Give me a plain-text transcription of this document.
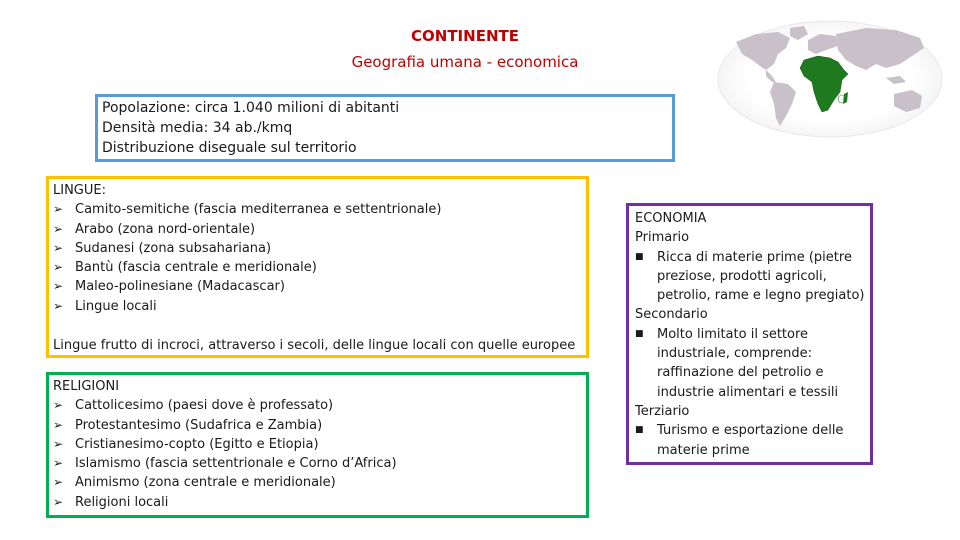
CONTINENTE
Geografia umana - economica
Popolazione: circa 1.040 milioni di abitanti
Densità media: 34 ab./kmq
Distribuzione diseguale sul territorio
LINGUE:
➢ Camito-semitiche (fascia mediterranea e settentrionale)
➢ Arabo (zona nord-orientale)
➢ Sudanesi (zona subsahariana)
➢ Bantù (fascia centrale e meridionale)
➢ Maleo-polinesiane (Madacascar)
➢ Lingue locali
Lingue frutto di incroci, attraverso i secoli, delle lingue locali con quelle europee
RELIGIONI
➢ Cattolicesimo (paesi dove è professato)
➢ Protestantesimo (Sudafrica e Zambia)
➢ Cristianesimo-copto (Egitto e Etiopia)
➢ Islamismo (fascia settentrionale e Corno d’Africa)
➢ Animismo (zona centrale e meridionale)
➢ Religioni locali
ECONOMIA
Primario
■	Ricca di materie prime (pietre preziose, prodotti agricoli, petrolio, rame e legno pregiato)
Secondario
■	Molto limitato il settore industriale, comprende: raffinazione del petrolio e industrie alimentari e tessili
Terziario
■	Turismo e esportazione delle materie prime
